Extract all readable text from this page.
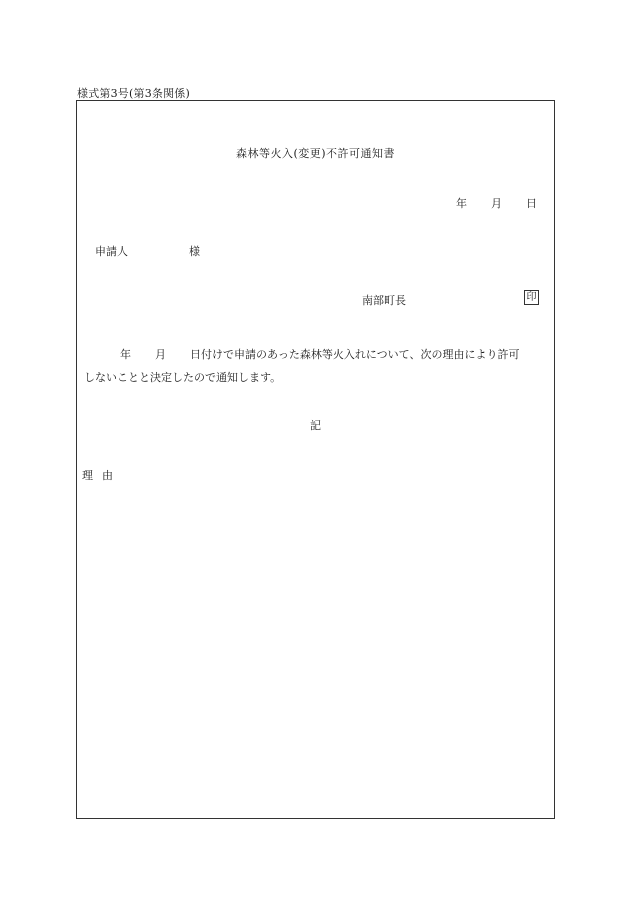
様式第3号(第3条関係)
森林等火入(変更)不許可通知書
年 月 日
申請人	様
南部町長	印
年 月 日付けで申請のあった森林等火入れについて、次の理由により許可
しないことと決定したので通知します。
記
理由
